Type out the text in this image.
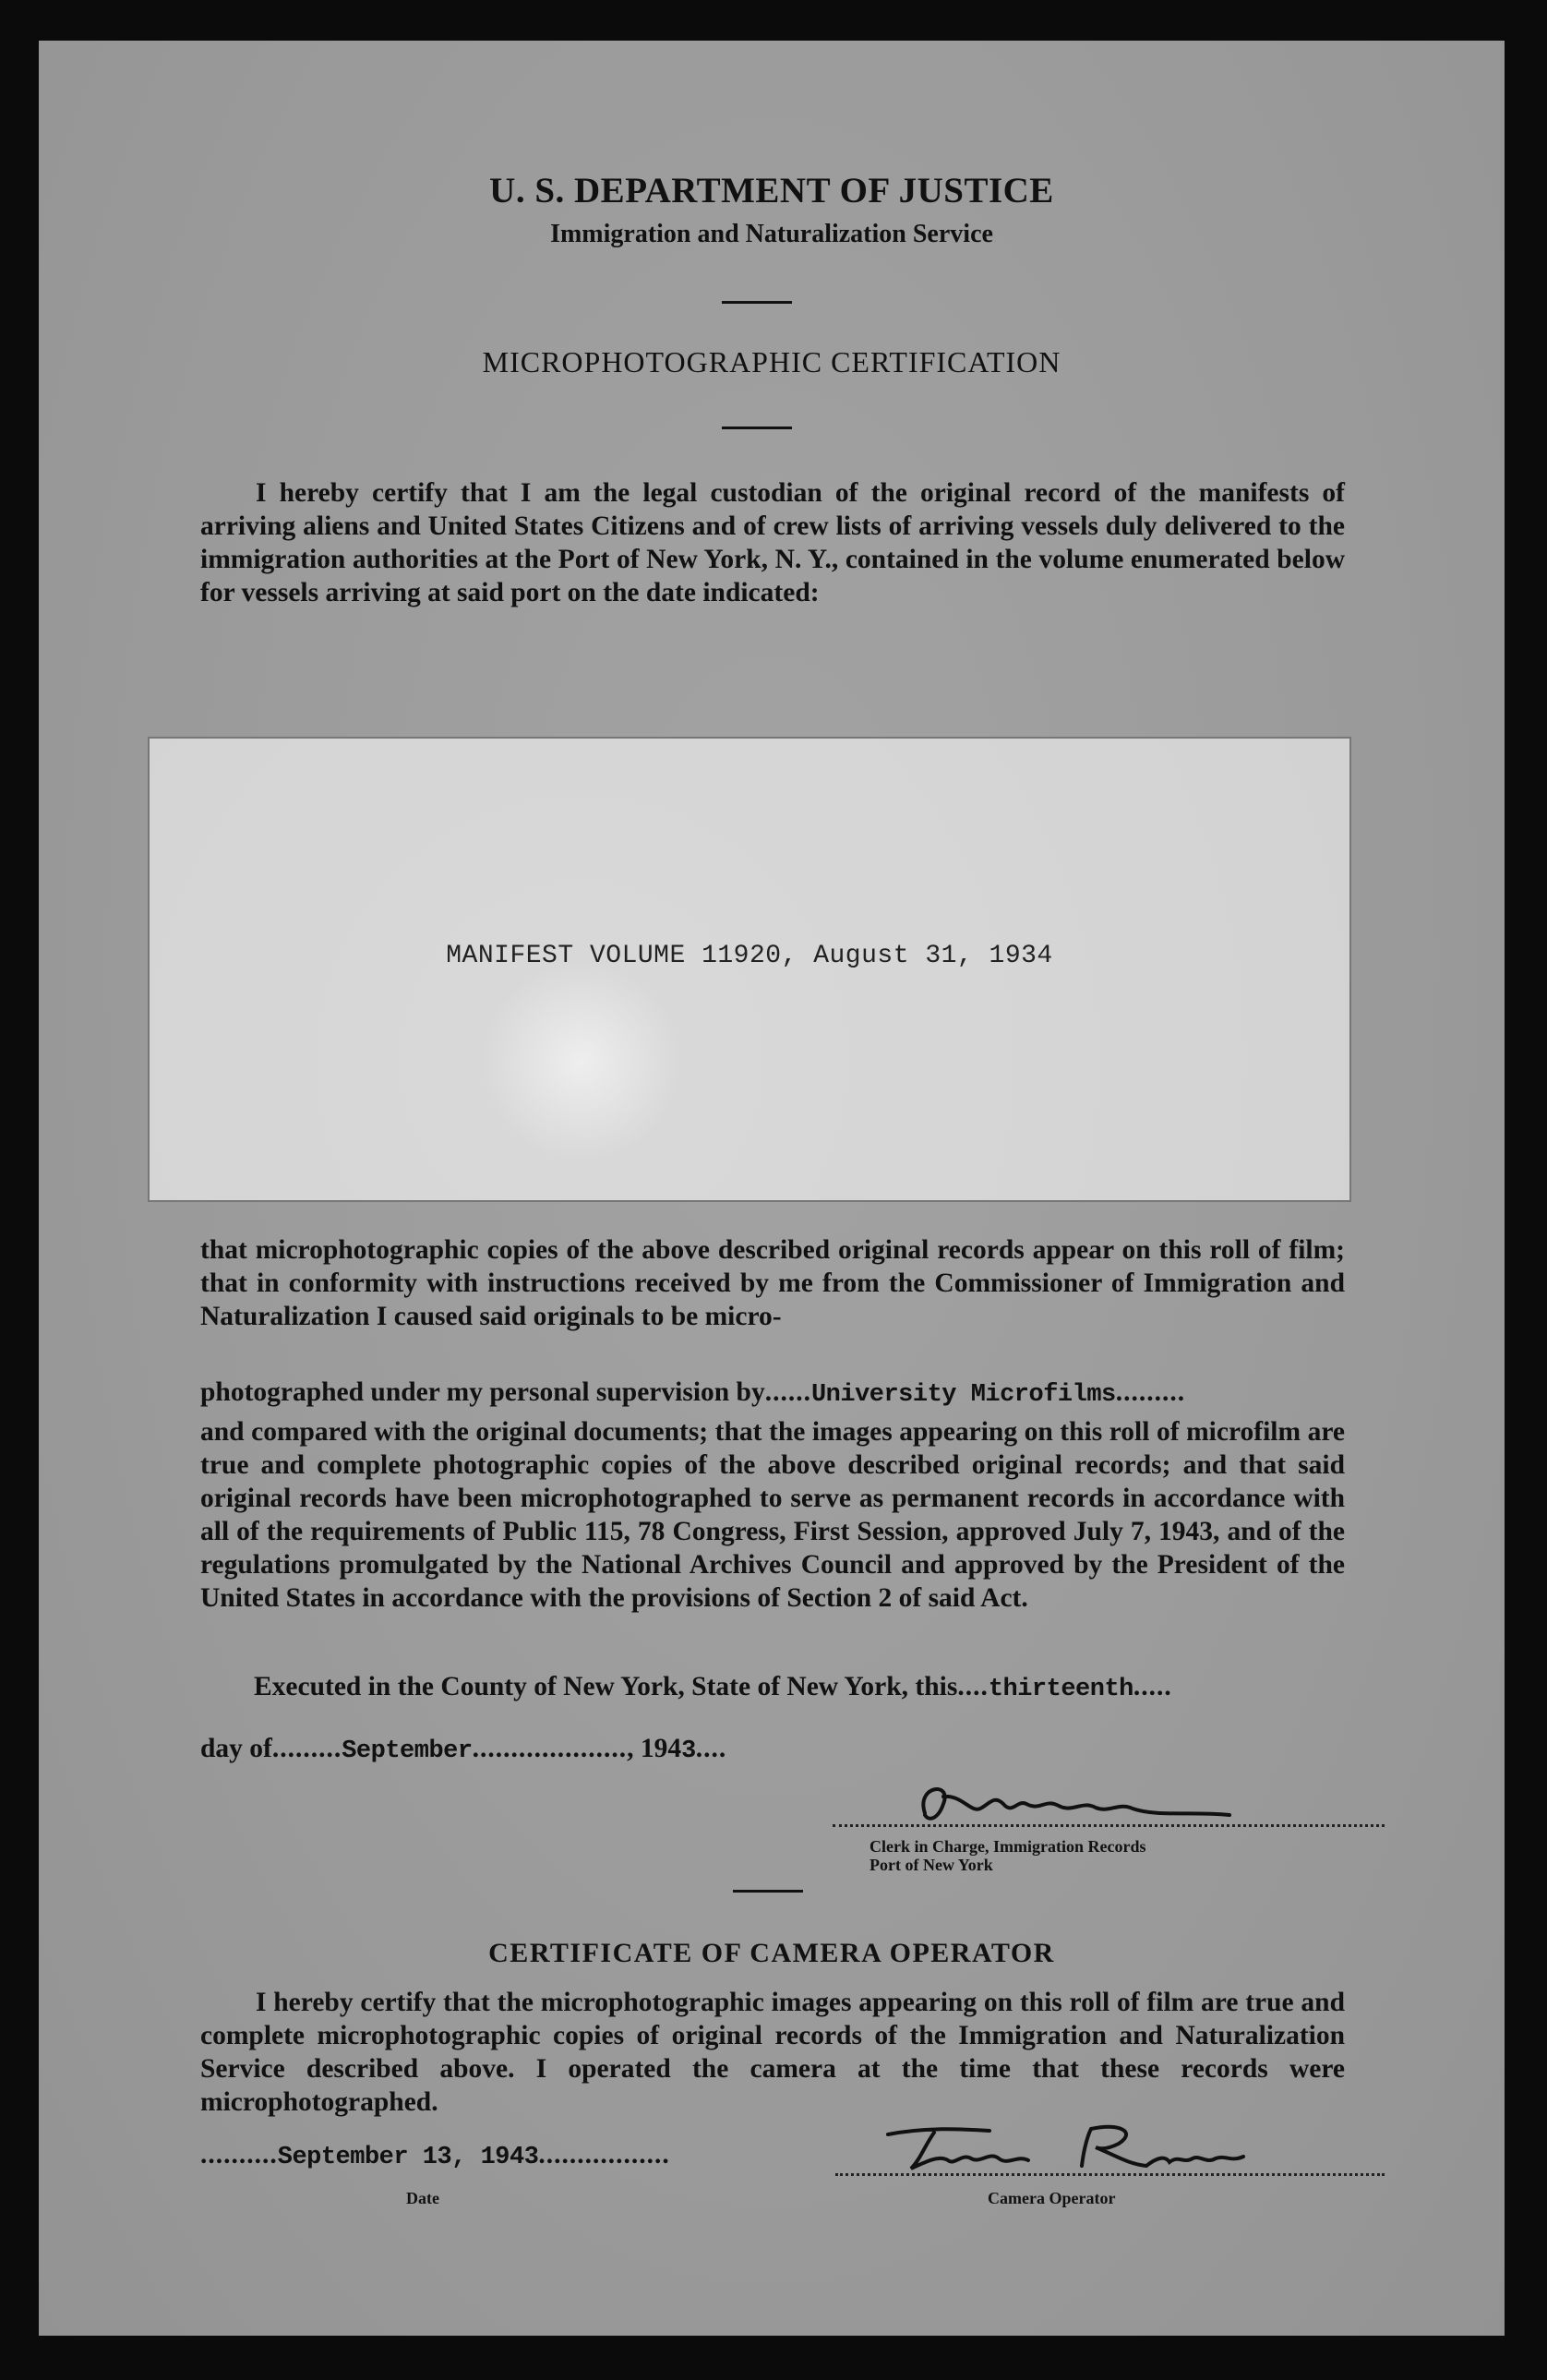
U. S. DEPARTMENT OF JUSTICE
Immigration and Naturalization Service
MICROPHOTOGRAPHIC CERTIFICATION

I hereby certify that I am the legal custodian of the original record of the manifests of arriving aliens and United States Citizens and of crew lists of arriving vessels duly delivered to the immigration authorities at the Port of New York, N. Y., contained in the volume enumerated below for vessels arriving at said port on the date indicated:

MANIFEST VOLUME 11920, August 31, 1934

that microphotographic copies of the above described original records appear on this roll of film; that in conformity with instructions received by me from the Commissioner of Immigration and Naturalization I caused said originals to be micro-

photographed under my personal supervision by......University Microfilms.........

and compared with the original documents; that the images appearing on this roll of microfilm are true and complete photographic copies of the above described original records; and that said original records have been microphotographed to serve as permanent records in accordance with all of the requirements of Public 115, 78 Congress, First Session, approved July 7, 1943, and of the regulations promulgated by the National Archives Council and approved by the President of the United States in accordance with the provisions of Section 2 of said Act.

Executed in the County of New York, State of New York, this....thirteenth.....
day of.........September...................., 1943....
Clerk in Charge, Immigration Records
Port of New York
CERTIFICATE OF CAMERA OPERATOR

I hereby certify that the microphotographic images appearing on this roll of film are true and complete microphotographic copies of original records of the Immigration and Naturalization Service described above. I operated the camera at the time that these records were microphotographed.

..........September 13, 1943.................
Date	Camera Operator
